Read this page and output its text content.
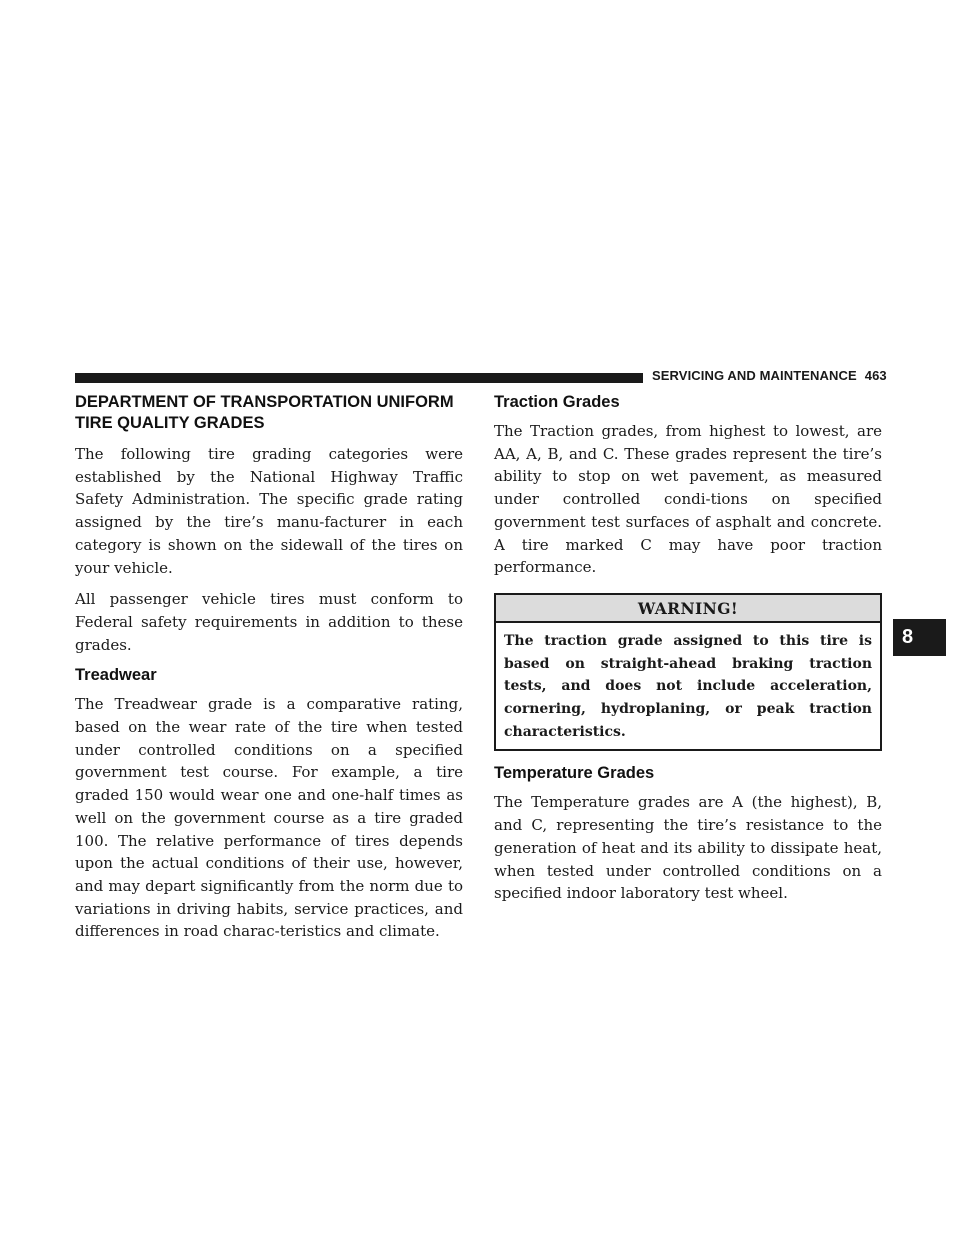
SERVICING AND MAINTENANCE 463
DEPARTMENT OF TRANSPORTATION UNIFORM TIRE QUALITY GRADES

The following tire grading categories were established by the National Highway Traffic Safety Administration. The specific grade rating assigned by the tire’s manu-facturer in each category is shown on the sidewall of the tires on your vehicle.

All passenger vehicle tires must conform to Federal safety requirements in addition to these grades.

Treadwear

The Treadwear grade is a comparative rating, based on the wear rate of the tire when tested under controlled conditions on a specified government test course. For example, a tire graded 150 would wear one and one-half times as well on the government course as a tire graded 100. The relative performance of tires depends upon the actual conditions of their use, however, and may depart significantly from the norm due to variations in driving habits, service practices, and differences in road charac-teristics and climate.

Traction Grades

The Traction grades, from highest to lowest, are AA, A, B, and C. These grades represent the tire’s ability to stop on wet pavement, as measured under controlled condi-tions on specified government test surfaces of asphalt and concrete. A tire marked C may have poor traction performance.

WARNING!
The traction grade assigned to this tire is based on straight-ahead braking traction tests, and does not include acceleration, cornering, hydroplaning, or peak traction characteristics.
Temperature Grades

The Temperature grades are A (the highest), B, and C, representing the tire’s resistance to the generation of heat and its ability to dissipate heat, when tested under controlled conditions on a specified indoor laboratory test wheel.

8
